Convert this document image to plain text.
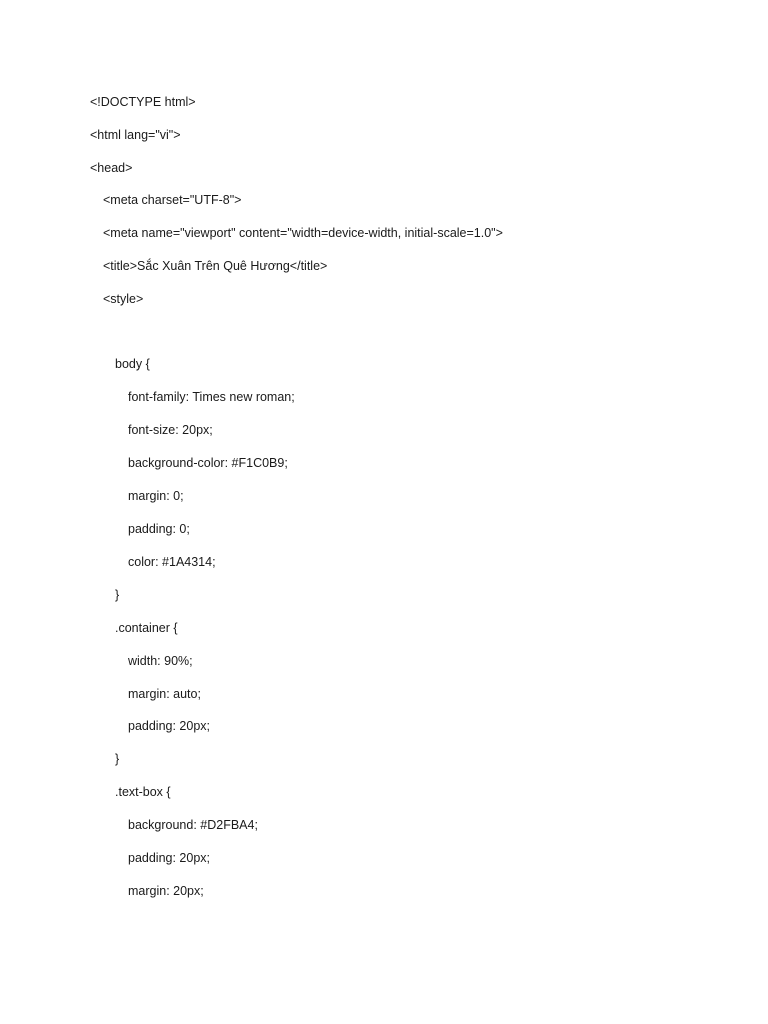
<!DOCTYPE html>
<html lang="vi">
<head>
<meta charset="UTF-8">
<meta name="viewport" content="width=device-width, initial-scale=1.0">
<title>Sắc Xuân Trên Quê Hương</title>
<style>
body {
font-family: Times new roman;
font-size: 20px;
background-color: #F1C0B9;
margin: 0;
padding: 0;
color: #1A4314;
}
.container {
width: 90%;
margin: auto;
padding: 20px;
}
.text-box {
background: #D2FBA4;
padding: 20px;
margin: 20px;
